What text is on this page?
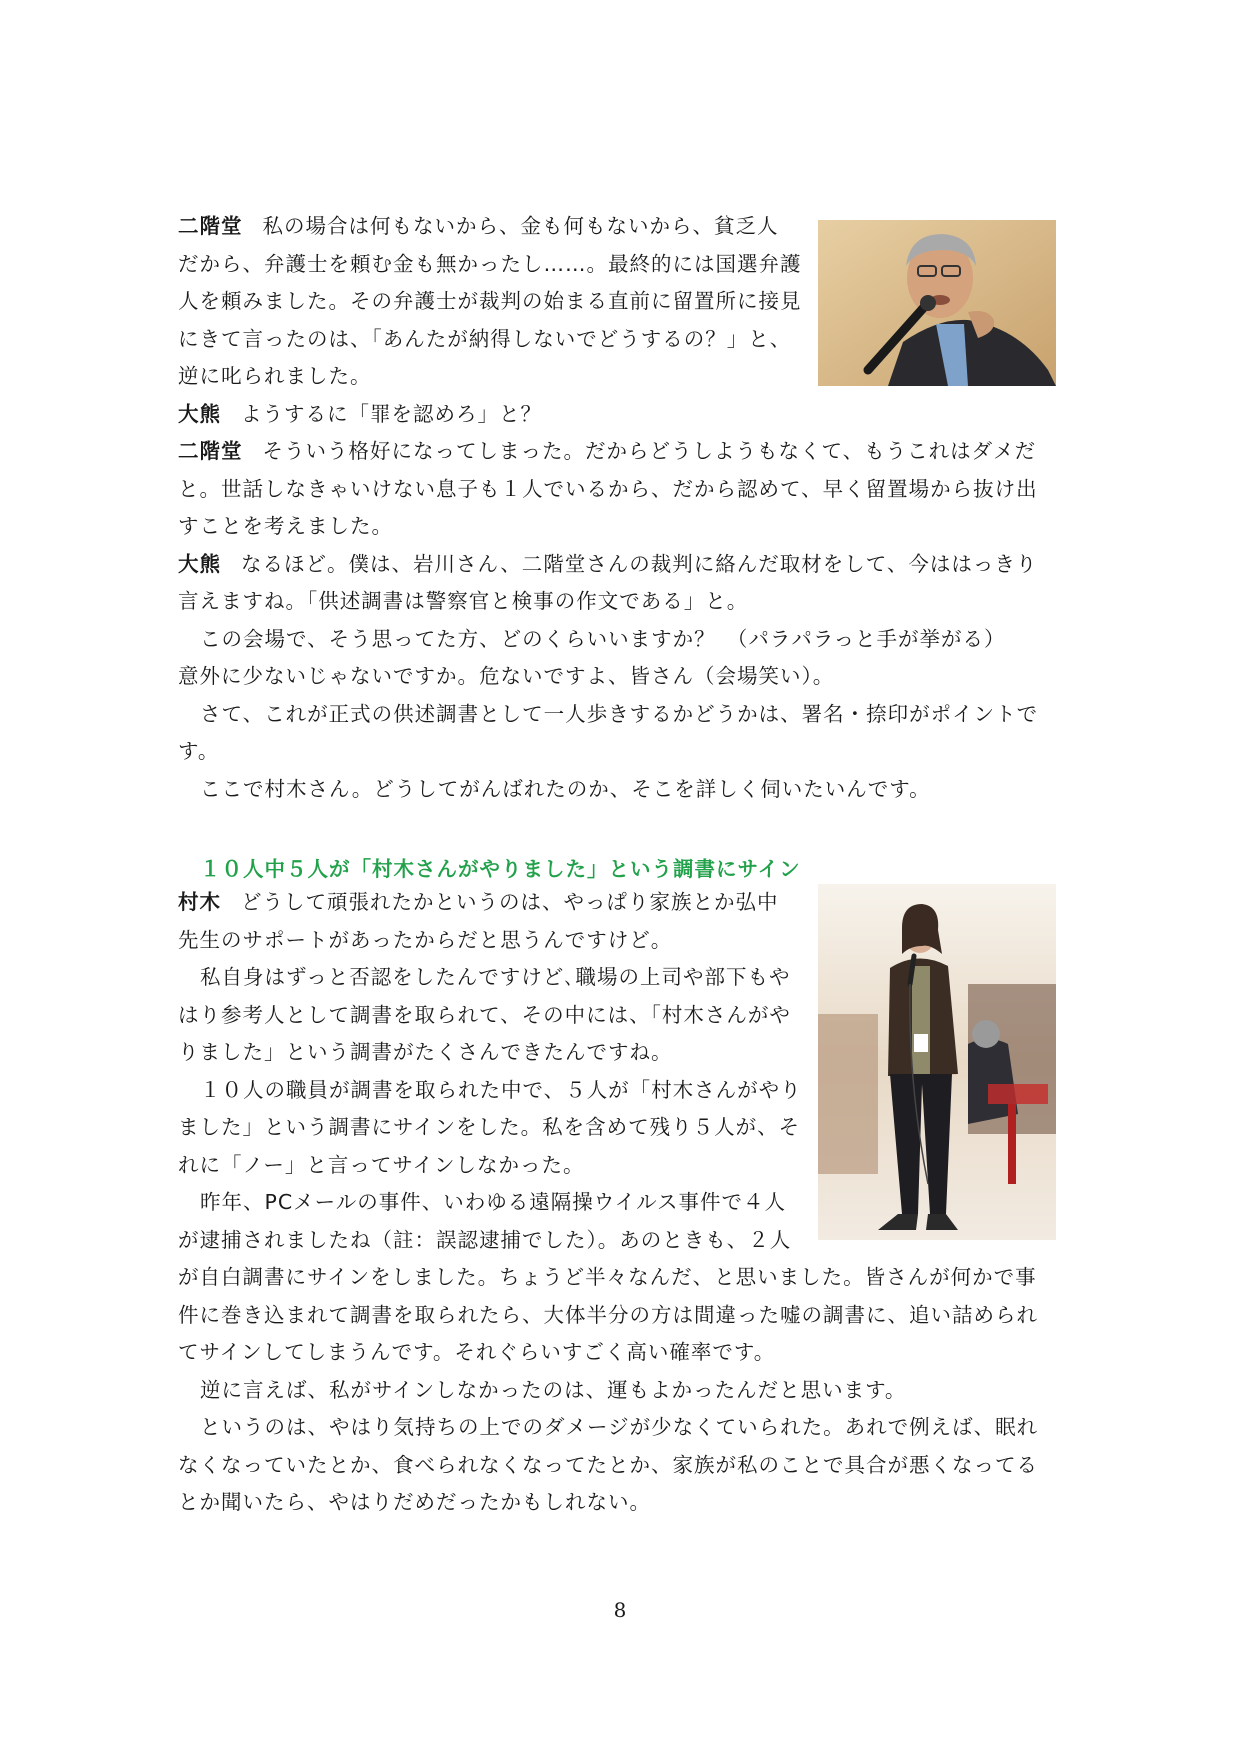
二階堂 私の場合は何もないから、金も何もないから、貧乏人
だから、弁護士を頼む金も無かったし……。最終的には国選弁護
人を頼みました。その弁護士が裁判の始まる直前に留置所に接見
にきて言ったのは、「あんたが納得しないでどうするの？」と、
逆に叱られました。
大熊 ようするに「罪を認めろ」と？
二階堂 そういう格好になってしまった。だからどうしようもなくて、もうこれはダメだ
と。世話しなきゃいけない息子も１人でいるから、だから認めて、早く留置場から抜け出
すことを考えました。
大熊 なるほど。僕は、岩川さん、二階堂さんの裁判に絡んだ取材をして、今ははっきり
言えますね。「供述調書は警察官と検事の作文である」と。
この会場で、そう思ってた方、どのくらいいますか？　（パラパラっと手が挙がる）
意外に少ないじゃないですか。危ないですよ、皆さん（会場笑い）。
さて、これが正式の供述調書として一人歩きするかどうかは、署名・捺印がポイントで
す。
ここで村木さん。どうしてがんばれたのか、そこを詳しく伺いたいんです。
１０人中５人が「村木さんがやりました」という調書にサイン
村木 どうして頑張れたかというのは、やっぱり家族とか弘中
先生のサポートがあったからだと思うんですけど。
私自身はずっと否認をしたんですけど､職場の上司や部下もや
はり参考人として調書を取られて、その中には、「村木さんがや
りました」という調書がたくさんできたんですね。
１０人の職員が調書を取られた中で、５人が「村木さんがやり
ました」という調書にサインをした。私を含めて残り５人が、そ
れに「ノー」と言ってサインしなかった。
昨年、PCメールの事件、いわゆる遠隔操ウイルス事件で４人
が逮捕されましたね（註：誤認逮捕でした）。あのときも、２人
が自白調書にサインをしました。ちょうど半々なんだ、と思いました。皆さんが何かで事
件に巻き込まれて調書を取られたら、大体半分の方は間違った嘘の調書に、追い詰められ
てサインしてしまうんです。それぐらいすごく高い確率です。
逆に言えば、私がサインしなかったのは、運もよかったんだと思います。
というのは、やはり気持ちの上でのダメージが少なくていられた。あれで例えば、眠れ
なくなっていたとか、食べられなくなってたとか、家族が私のことで具合が悪くなってる
とか聞いたら、やはりだめだったかもしれない。
8
